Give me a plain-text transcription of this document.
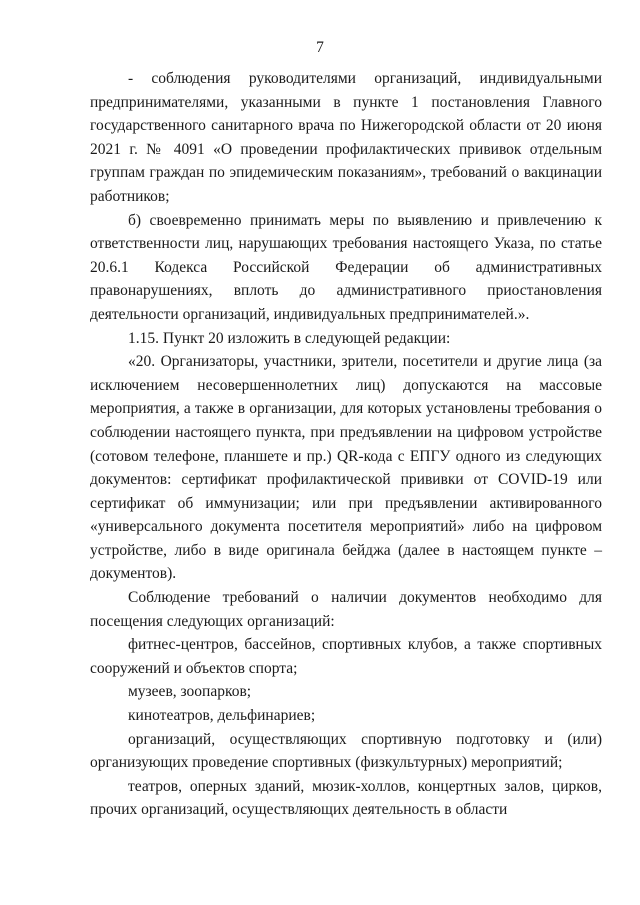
7

- соблюдения руководителями организаций, индивидуальными предпринимателями, указанными в пункте 1 постановления Главного государственного санитарного врача по Нижегородской области от 20 июня 2021 г. № 4091 «О проведении профилактических прививок отдельным группам граждан по эпидемическим показаниям», требований о вакцинации работников;

б) своевременно принимать меры по выявлению и привлечению к ответственности лиц, нарушающих требования настоящего Указа, по статье 20.6.1 Кодекса Российской Федерации об административных правонарушениях, вплоть до административного приостановления деятельности организаций, индивидуальных предпринимателей.».

1.15. Пункт 20 изложить в следующей редакции:

«20. Организаторы, участники, зрители, посетители и другие лица (за исключением несовершеннолетних лиц) допускаются на массовые мероприятия, а также в организации, для которых установлены требования о соблюдении настоящего пункта, при предъявлении на цифровом устройстве (сотовом телефоне, планшете и пр.) QR-кода с ЕПГУ одного из следующих документов: сертификат профилактической прививки от COVID-19 или сертификат об иммунизации; или при предъявлении активированного «универсального документа посетителя мероприятий» либо на цифровом устройстве, либо в виде оригинала бейджа (далее в настоящем пункте – документов).

Соблюдение требований о наличии документов необходимо для посещения следующих организаций:

фитнес-центров, бассейнов, спортивных клубов, а также спортивных сооружений и объектов спорта;

музеев, зоопарков;

кинотеатров, дельфинариев;

организаций, осуществляющих спортивную подготовку и (или) организующих проведение спортивных (физкультурных) мероприятий;

театров, оперных зданий, мюзик-холлов, концертных залов, цирков, прочих организаций, осуществляющих деятельность в области
